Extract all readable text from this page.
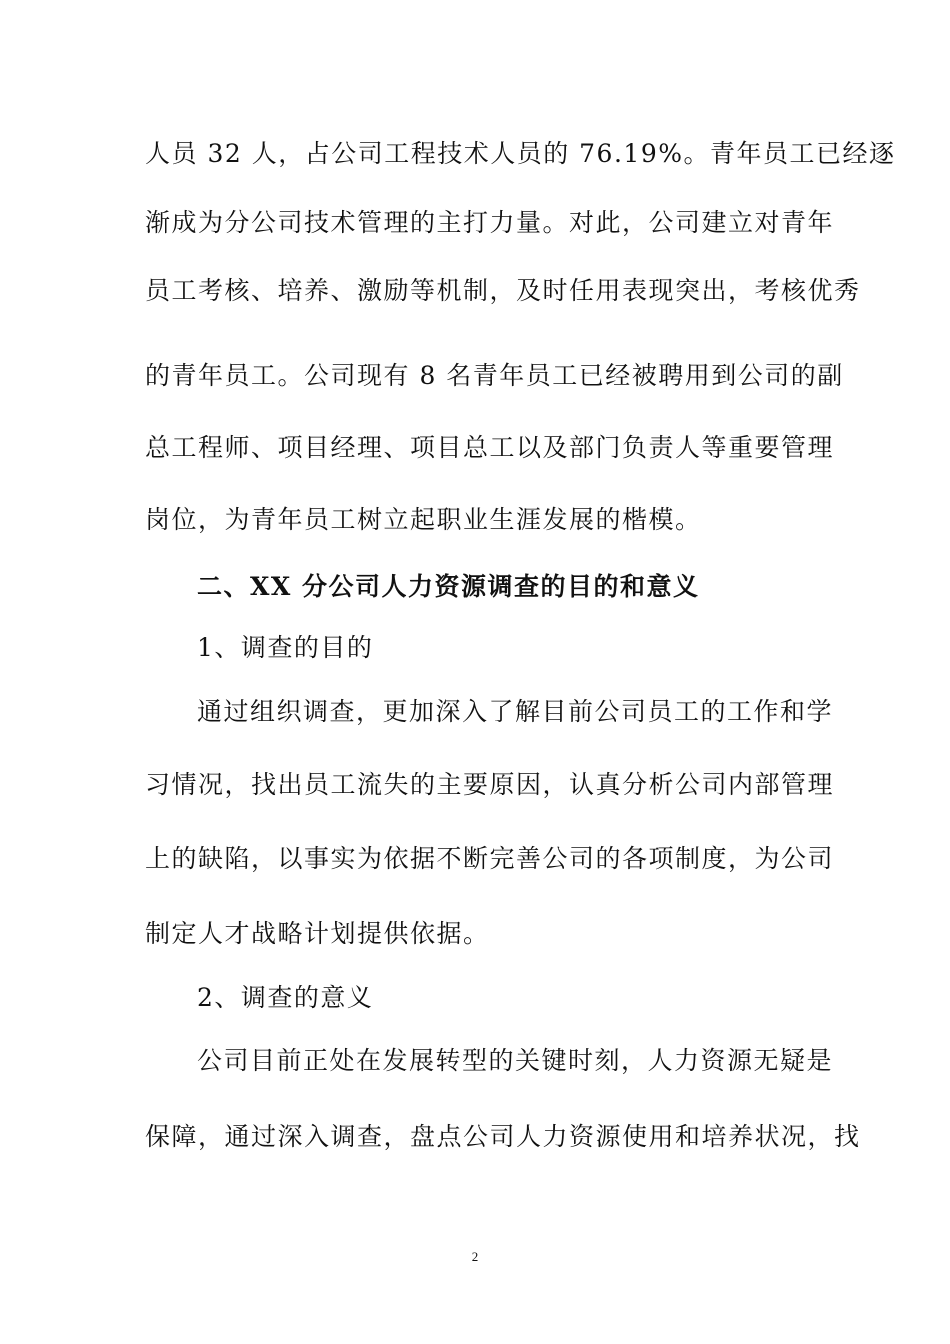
人员 32 人，占公司工程技术人员的 76.19%。青年员工已经逐
渐成为分公司技术管理的主打力量。对此，公司建立对青年
员工考核、培养、激励等机制，及时任用表现突出，考核优秀
的青年员工。公司现有 8 名青年员工已经被聘用到公司的副
总工程师、项目经理、项目总工以及部门负责人等重要管理
岗位，为青年员工树立起职业生涯发展的楷模。
二、XX 分公司人力资源调查的目的和意义
1、调查的目的
通过组织调查，更加深入了解目前公司员工的工作和学
习情况，找出员工流失的主要原因，认真分析公司内部管理
上的缺陷，以事实为依据不断完善公司的各项制度，为公司
制定人才战略计划提供依据。
2、调查的意义
公司目前正处在发展转型的关键时刻，人力资源无疑是
保障，通过深入调查，盘点公司人力资源使用和培养状况，找
2
